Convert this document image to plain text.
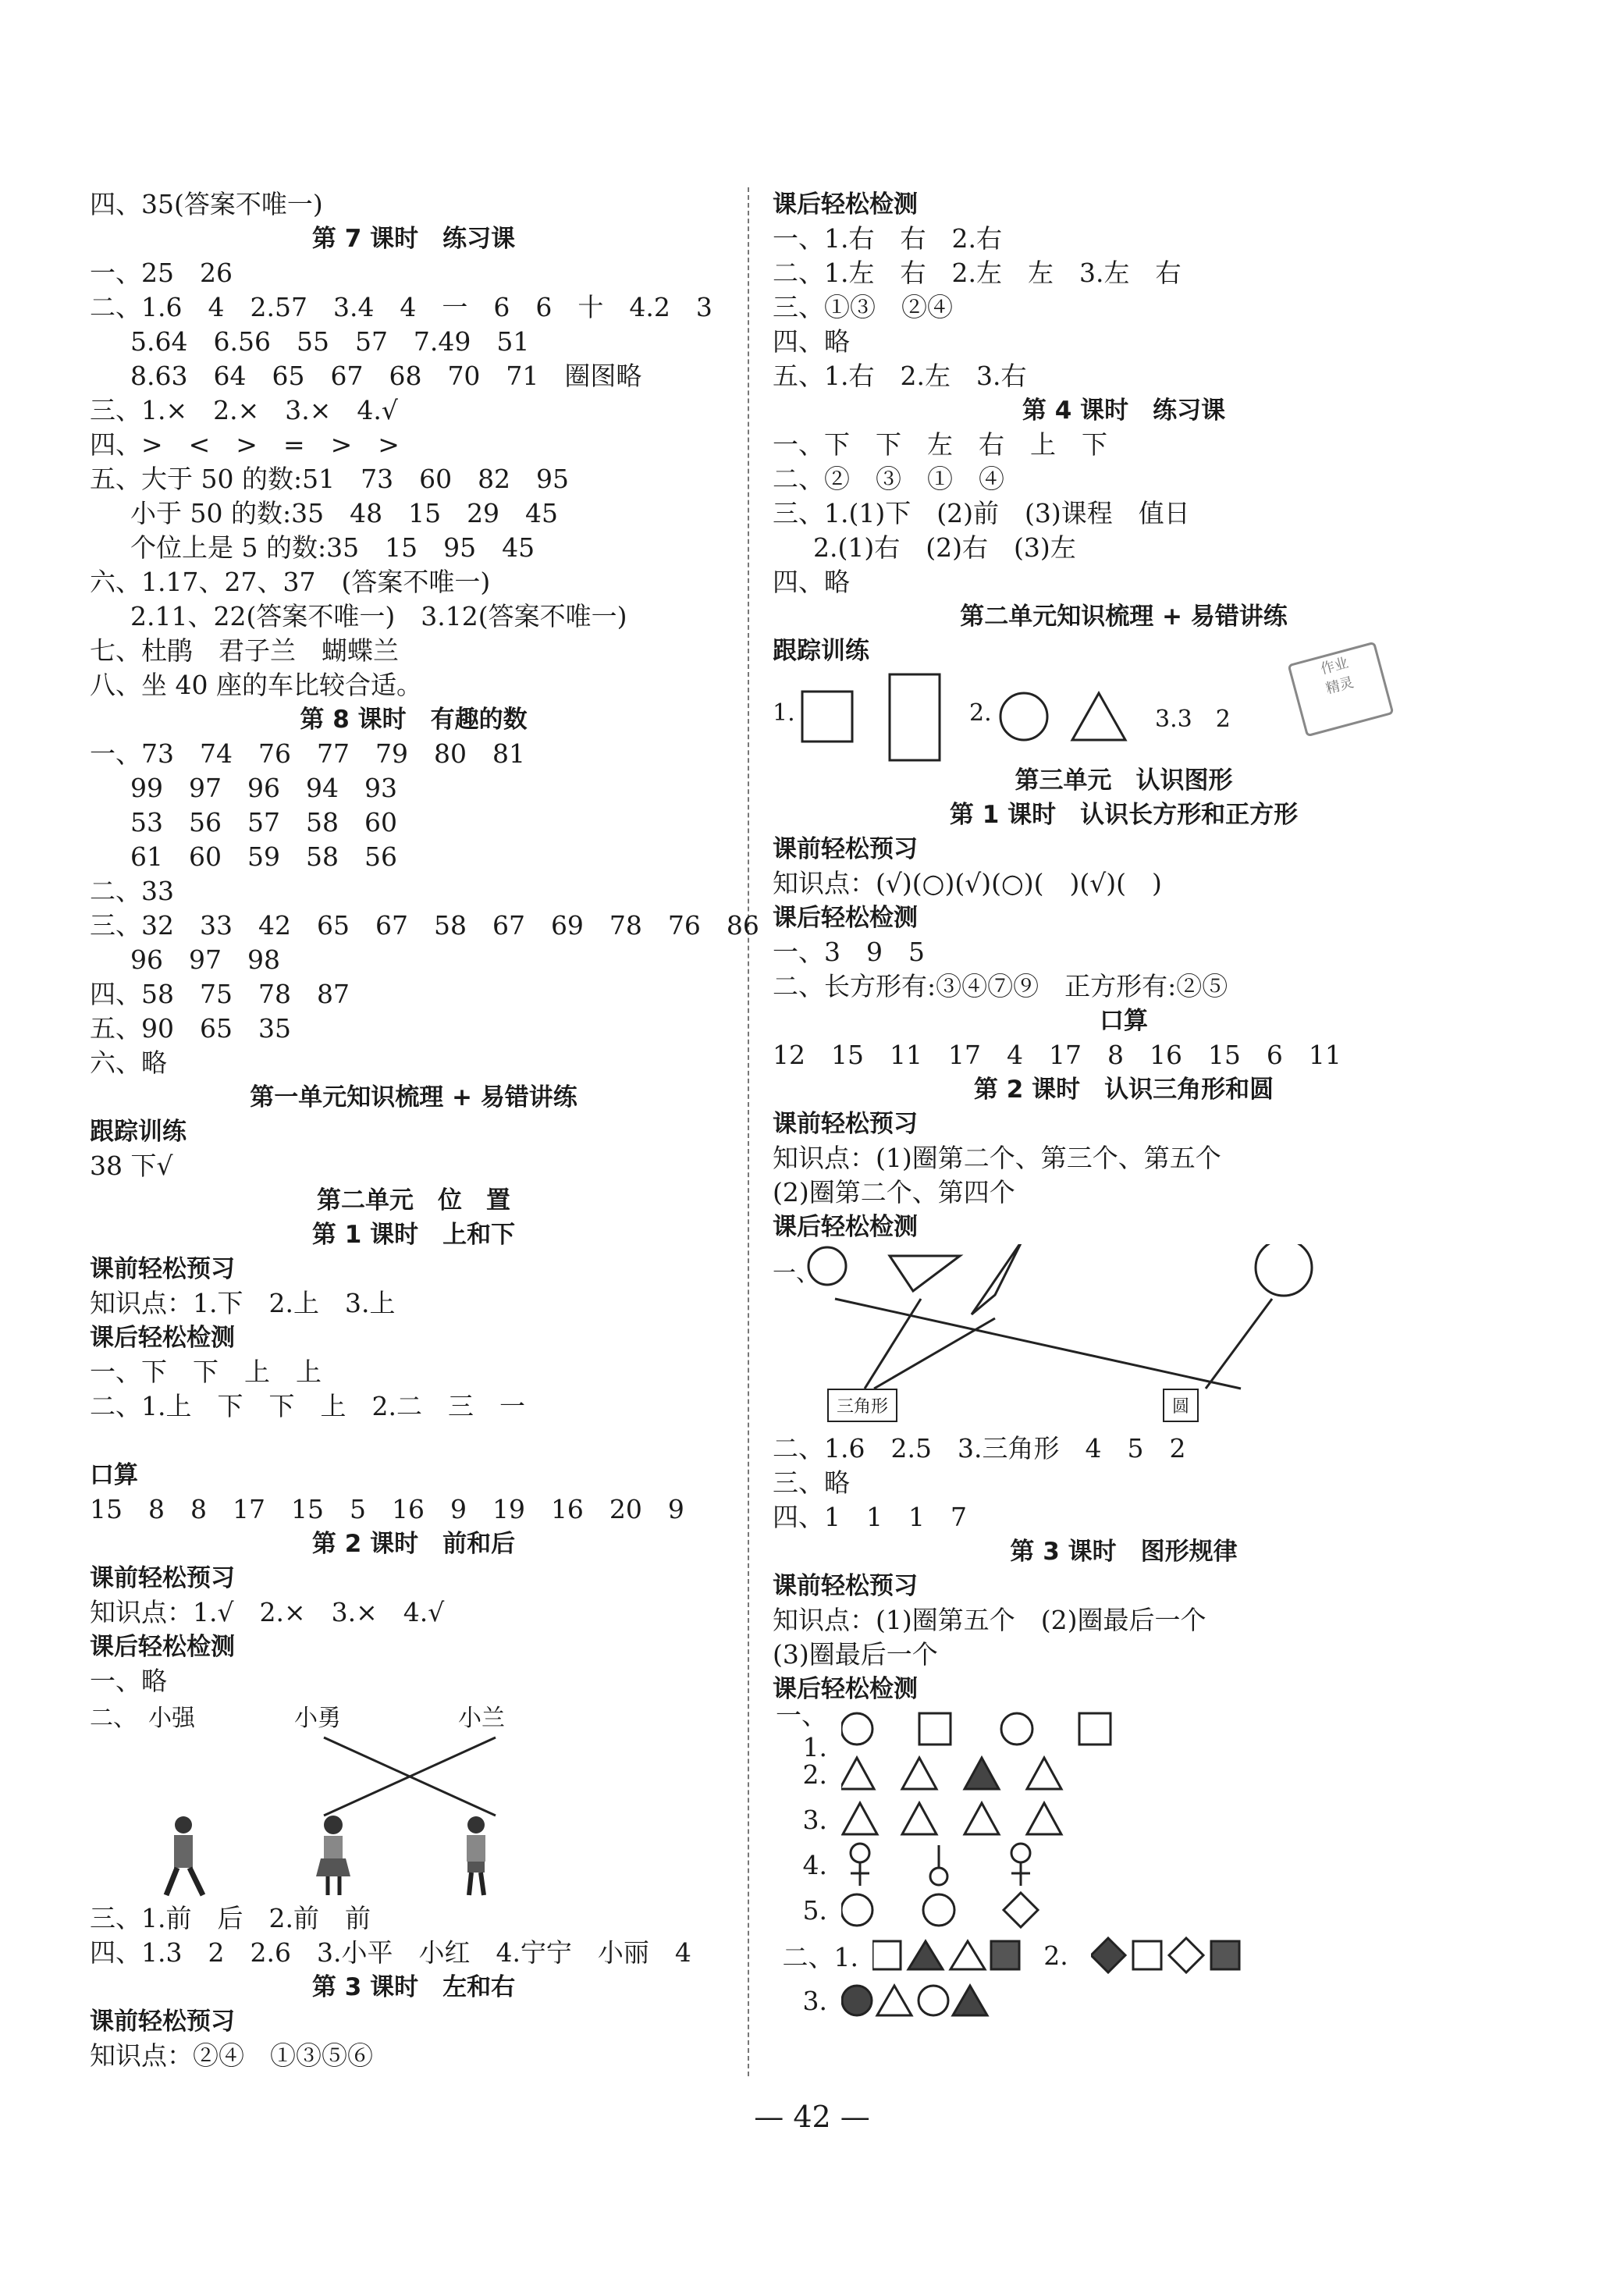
作业
精灵
四、35(答案不唯一)
第 7 课时　练习课
一、25　26
二、1.6　4　2.57　3.4　4　一　6　6　十　4.2　3
5.64　6.56　55　57　7.49　51
8.63　64　65　67　68　70　71　圈图略
三、1.×　2.×　3.×　4.√
四、>　<　>　=　>　>
五、大于 50 的数:51　73　60　82　95
小于 50 的数:35　48　15　29　45
个位上是 5 的数:35　15　95　45
六、1.17、27、37　(答案不唯一)
2.11、22(答案不唯一)　3.12(答案不唯一)
七、杜鹃　君子兰　蝴蝶兰
八、坐 40 座的车比较合适。
第 8 课时　有趣的数
一、73　74　76　77　79　80　81
99　97　96　94　93
53　56　57　58　60
61　60　59　58　56
二、33
三、32　33　42　65　67　58　67　69　78　76　86
96　97　98
四、58　75　78　87
五、90　65　35
六、略
第一单元知识梳理 + 易错讲练
跟踪训练
38 下√
第二单元　位　置
第 1 课时　上和下
课前轻松预习
知识点：1.下　2.上　3.上
课后轻松检测
一、下　下　上　上
二、1.上　下　下　上　2.二　三　一
口算
15　8　8　17　15　5　16　9　19　16　20　9
第 2 课时　前和后
课前轻松预习
知识点：1.√　2.×　3.×　4.√
课后轻松检测
一、略
二、 小强	小勇	小兰
三、1.前　后　2.前　前
四、1.3　2　2.6　3.小平　小红　4.宁宁　小丽　4
第 3 课时　左和右
课前轻松预习
知识点：②④　①③⑤⑥
课后轻松检测
一、1.右　右　2.右
二、1.左　右　2.左　左　3.左　右
三、①③　②④
四、略
五、1.右　2.左　3.右
第 4 课时　练习课
一、下　下　左　右　上　下
二、②　③　①　④
三、1.(1)下　(2)前　(3)课程　值日
2.(1)右　(2)右　(3)左
四、略
第二单元知识梳理 + 易错讲练
跟踪训练
1.	2.	3.3　2
第三单元　认识图形
第 1 课时　认识长方形和正方形
课前轻松预习
知识点：(√)(○)(√)(○)(　)(√)(　)
课后轻松检测
一、3　9　5
二、长方形有:③④⑦⑨　正方形有:②⑤
口算
12　15　11　17　4　17　8　16　15　6　11
第 2 课时　认识三角形和圆
课前轻松预习
知识点：(1)圈第二个、第三个、第五个
(2)圈第二个、第四个
课后轻松检测
一、
三角形	圆
二、1.6　2.5　3.三角形　4　5　2
三、略
四、1　1　1　7
第 3 课时　图形规律
课前轻松预习
知识点：(1)圈第五个　(2)圈最后一个
(3)圈最后一个
课后轻松检测
一、1.
2.
3.
4.
5.
二、1.	2.
3.
— 42 —
